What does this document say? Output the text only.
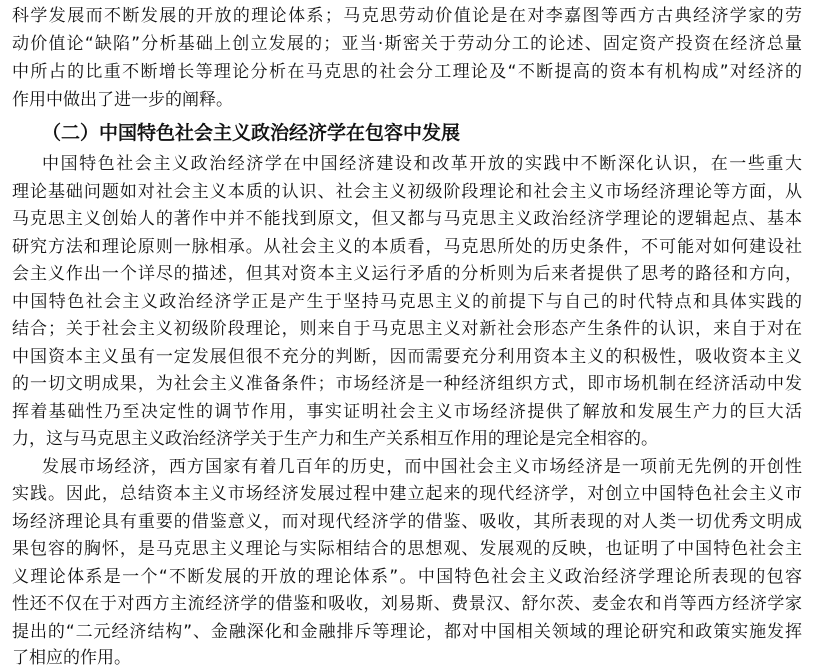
科学发展而不断发展的开放的理论体系；马克思劳动价值论是在对李嘉图等西方古典经济学家的劳
动价值论“缺陷”分析基础上创立发展的；亚当·斯密关于劳动分工的论述、固定资产投资在经济总量
中所占的比重不断增长等理论分析在马克思的社会分工理论及“不断提高的资本有机构成”对经济的
作用中做出了进一步的阐释。
（二）中国特色社会主义政治经济学在包容中发展
中国特色社会主义政治经济学在中国经济建设和改革开放的实践中不断深化认识，在一些重大
理论基础问题如对社会主义本质的认识、社会主义初级阶段理论和社会主义市场经济理论等方面，从
马克思主义创始人的著作中并不能找到原文，但又都与马克思主义政治经济学理论的逻辑起点、基本
研究方法和理论原则一脉相承。从社会主义的本质看，马克思所处的历史条件，不可能对如何建设社
会主义作出一个详尽的描述，但其对资本主义运行矛盾的分析则为后来者提供了思考的路径和方向，
中国特色社会主义政治经济学正是产生于坚持马克思主义的前提下与自己的时代特点和具体实践的
结合；关于社会主义初级阶段理论，则来自于马克思主义对新社会形态产生条件的认识，来自于对在
中国资本主义虽有一定发展但很不充分的判断，因而需要充分利用资本主义的积极性，吸收资本主义
的一切文明成果，为社会主义准备条件；市场经济是一种经济组织方式，即市场机制在经济活动中发
挥着基础性乃至决定性的调节作用，事实证明社会主义市场经济提供了解放和发展生产力的巨大活
力，这与马克思主义政治经济学关于生产力和生产关系相互作用的理论是完全相容的。
发展市场经济，西方国家有着几百年的历史，而中国社会主义市场经济是一项前无先例的开创性
实践。因此，总结资本主义市场经济发展过程中建立起来的现代经济学，对创立中国特色社会主义市
场经济理论具有重要的借鉴意义，而对现代经济学的借鉴、吸收，其所表现的对人类一切优秀文明成
果包容的胸怀，是马克思主义理论与实际相结合的思想观、发展观的反映，也证明了中国特色社会主
义理论体系是一个“不断发展的开放的理论体系”。中国特色社会主义政治经济学理论所表现的包容
性还不仅在于对西方主流经济学的借鉴和吸收，刘易斯、费景汉、舒尔茨、麦金农和肖等西方经济学家
提出的“二元经济结构”、金融深化和金融排斥等理论，都对中国相关领域的理论研究和政策实施发挥
了相应的作用。
